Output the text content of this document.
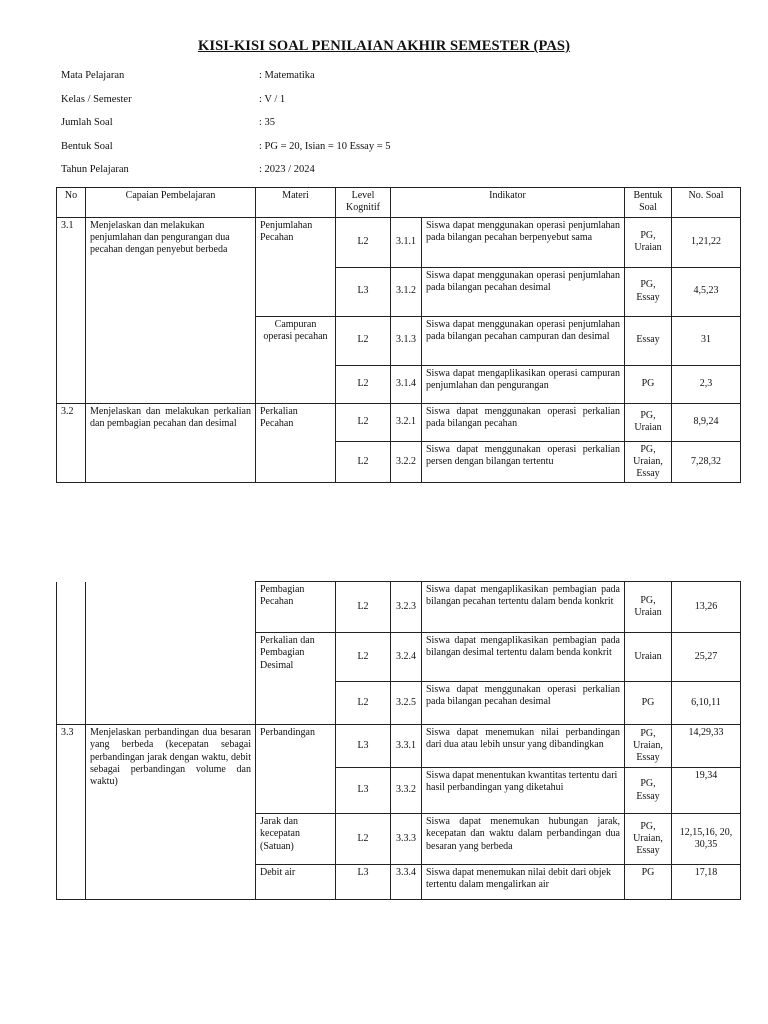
KISI-KISI SOAL PENILAIAN AKHIR SEMESTER (PAS)
Mata Pelajaran	: Matematika
Kelas / Semester	: V / 1
Jumlah Soal	: 35
Bentuk Soal	: PG = 20, Isian = 10 Essay = 5
Tahun Pelajaran	: 2023 / 2024
No	Capaian Pembelajaran	Materi	Level Kognitif	Indikator		Bentuk Soal	No. Soal
3.1	Menjelaskan dan melakukan penjumlahan dan pengurangan dua pecahan dengan penyebut berbeda	Penjumlahan Pecahan	L2	3.1.1	Siswa dapat menggunakan operasi penjumlahan pada bilangan pecahan berpenyebut sama	PG, Uraian	1,21,22
			L3	3.1.2	Siswa dapat menggunakan operasi penjumlahan pada bilangan pecahan desimal	PG, Essay	4,5,23
		Campuran operasi pecahan	L2	3.1.3	Siswa dapat menggunakan operasi penjumlahan pada bilangan pecahan campuran dan desimal	Essay	31
			L2	3.1.4	Siswa dapat mengaplikasikan operasi campuran penjumlahan dan pengurangan	PG	2,3
3.2	Menjelaskan dan melakukan perkalian dan pembagian pecahan dan desimal	Perkalian Pecahan	L2	3.2.1	Siswa dapat menggunakan operasi perkalian pada bilangan pecahan	PG, Uraian	8,9,24
			L2	3.2.2	Siswa dapat menggunakan operasi perkalian persen dengan bilangan tertentu	PG, Uraian, Essay	7,28,32
		Pembagian Pecahan	L2	3.2.3	Siswa dapat mengaplikasikan pembagian pada bilangan pecahan tertentu dalam benda konkrit	PG, Uraian	13,26
		Perkalian dan Pembagian Desimal	L2	3.2.4	Siswa dapat mengaplikasikan pembagian pada bilangan desimal tertentu dalam benda konkrit	Uraian	25,27
			L2	3.2.5	Siswa dapat menggunakan operasi perkalian pada bilangan pecahan desimal	PG	6,10,11
3.3	Menjelaskan perbandingan dua besaran yang berbeda (kecepatan sebagai perbandingan jarak dengan waktu, debit sebagai perbandingan volume dan waktu)	Perbandingan	L3	3.3.1	Siswa dapat menemukan nilai perbandingan dari dua atau lebih unsur yang dibandingkan	PG, Uraian, Essay	14,29,33
			L3	3.3.2	Siswa dapat menentukan kwantitas tertentu dari hasil perbandingan yang diketahui	PG, Essay	19,34
		Jarak dan kecepatan (Satuan)	L2	3.3.3	Siswa dapat menemukan hubungan jarak, kecepatan dan waktu dalam perbandingan dua besaran yang berbeda	PG, Uraian, Essay	12,15,16, 20, 30,35
		Debit air	L3	3.3.4	Siswa dapat menemukan nilai debit dari objek tertentu dalam mengalirkan air	PG	17,18
